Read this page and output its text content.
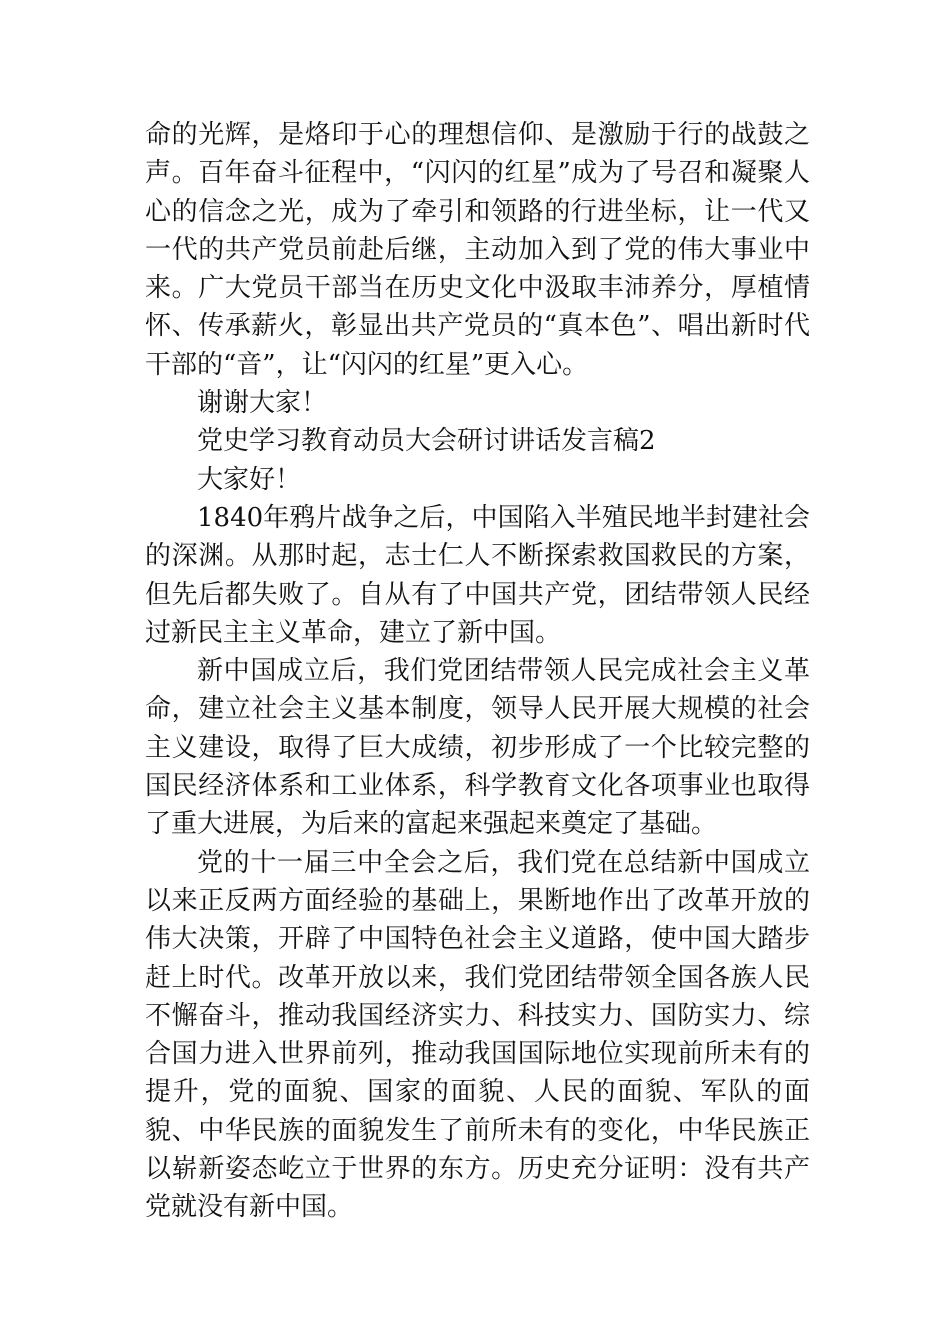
命的光辉，是烙印于心的理想信仰、是激励于行的战鼓之声。百年奋斗征程中，“闪闪的红星”成为了号召和凝聚人心的信念之光，成为了牵引和领路的行进坐标，让一代又一代的共产党员前赴后继，主动加入到了党的伟大事业中来。广大党员干部当在历史文化中汲取丰沛养分，厚植情怀、传承薪火，彰显出共产党员的“真本色”、唱出新时代干部的“音”，让“闪闪的红星”更入心。

谢谢大家！

党史学习教育动员大会研讨讲话发言稿2

大家好！

1840年鸦片战争之后，中国陷入半殖民地半封建社会的深渊。从那时起，志士仁人不断探索救国救民的方案，但先后都失败了。自从有了中国共产党，团结带领人民经过新民主主义革命，建立了新中国。

新中国成立后，我们党团结带领人民完成社会主义革命，建立社会主义基本制度，领导人民开展大规模的社会主义建设，取得了巨大成绩，初步形成了一个比较完整的国民经济体系和工业体系，科学教育文化各项事业也取得了重大进展，为后来的富起来强起来奠定了基础。

党的十一届三中全会之后，我们党在总结新中国成立以来正反两方面经验的基础上，果断地作出了改革开放的伟大决策，开辟了中国特色社会主义道路，使中国大踏步赶上时代。改革开放以来，我们党团结带领全国各族人民不懈奋斗，推动我国经济实力、科技实力、国防实力、综合国力进入世界前列，推动我国国际地位实现前所未有的提升，党的面貌、国家的面貌、人民的面貌、军队的面貌、中华民族的面貌发生了前所未有的变化，中华民族正以崭新姿态屹立于世界的东方。历史充分证明：没有共产党就没有新中国。
